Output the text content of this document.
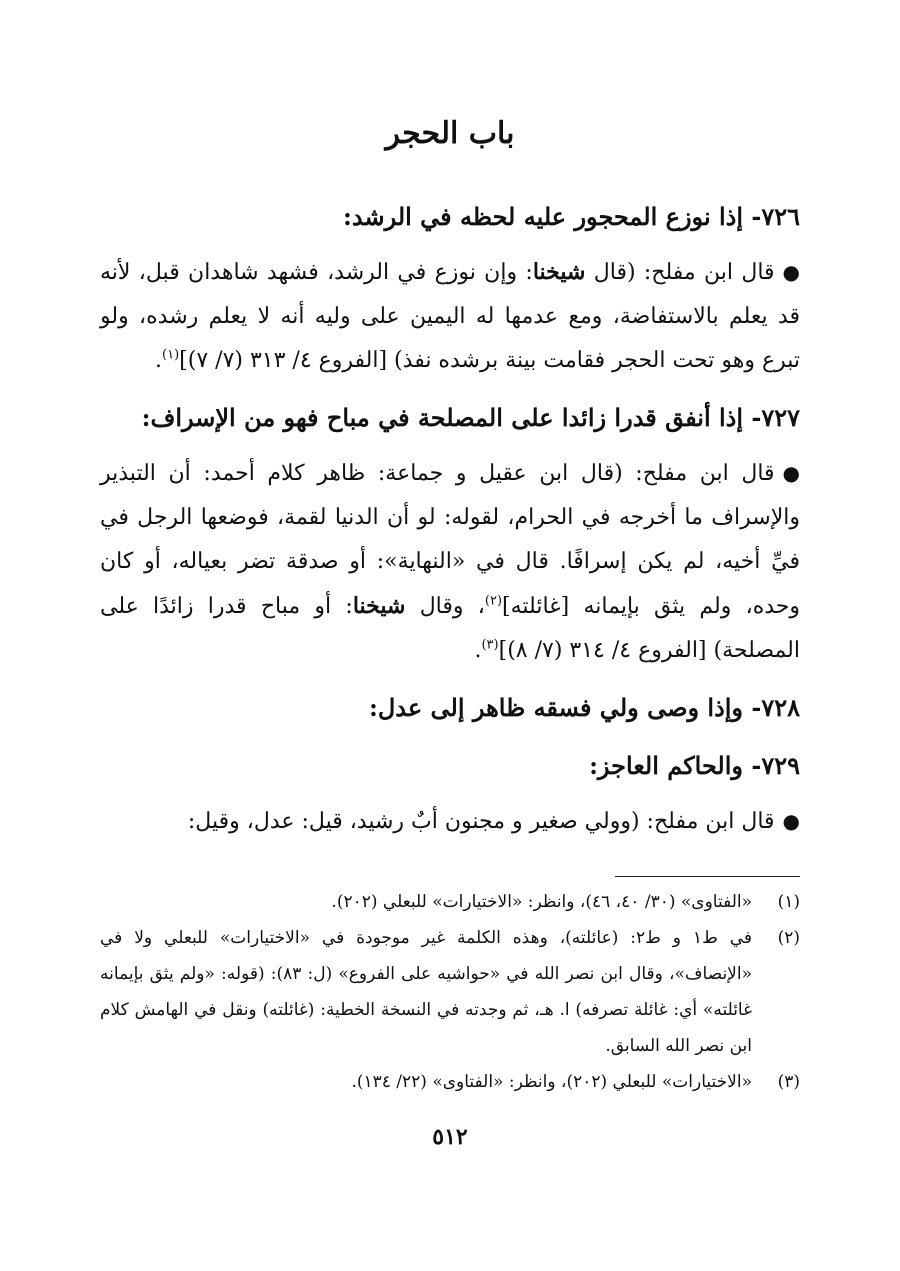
باب الحجر
٧٢٦- إذا نوزع المحجور عليه لحظه في الرشد:
●قال ابن مفلح: (قال شيخنا: وإن نوزع في الرشد، فشهد شاهدان قبل، لأنه قد يعلم بالاستفاضة، ومع عدمها له اليمين على وليه أنه لا يعلم رشده، ولو تبرع وهو تحت الحجر فقامت بينة برشده نفذ) [الفروع ٤/ ٣١٣ (٧/ ٧)]$^{(١)}$.
٧٢٧- إذا أنفق قدرا زائدا على المصلحة في مباح فهو من الإسراف:
●قال ابن مفلح: (قال ابن عقيل و جماعة: ظاهر كلام أحمد: أن التبذير والإسراف ما أخرجه في الحرام، لقوله: لو أن الدنيا لقمة، فوضعها الرجل في فيِّ أخيه، لم يكن إسرافًا. قال في «النهاية»: أو صدقة تضر بعياله، أو كان وحده، ولم يثق بإيمانه [غائلته]$^{(٢)}$، وقال شيخنا: أو مباح قدرا زائدًا على المصلحة) [الفروع ٤/ ٣١٤ (٧/ ٨)]$^{(٣)}$.
٧٢٨- وإذا وصى ولي فسقه ظاهر إلى عدل:
٧٢٩- والحاكم العاجز:
●قال ابن مفلح: (وولي صغير و مجنون أبٌ رشيد، قيل: عدل، وقيل:
(١)
«الفتاوى» (٣٠/ ٤٠، ٤٦)، وانظر: «الاختيارات» للبعلي (٢٠٢).
(٢)
في ط١ و ط٢: (عائلته)، وهذه الكلمة غير موجودة في «الاختيارات» للبعلي ولا في «الإنصاف»، وقال ابن نصر الله في «حواشيه على الفروع» (ل: ٨٣): (قوله: «ولم يثق بإيمانه غائلته» أي: غائلة تصرفه) ا. هـ، ثم وجدته في النسخة الخطية: (غائلته) ونقل في الهامش كلام ابن نصر الله السابق.
(٣)
«الاختيارات» للبعلي (٢٠٢)، وانظر: «الفتاوى» (٢٢/ ١٣٤).
٥١٢
